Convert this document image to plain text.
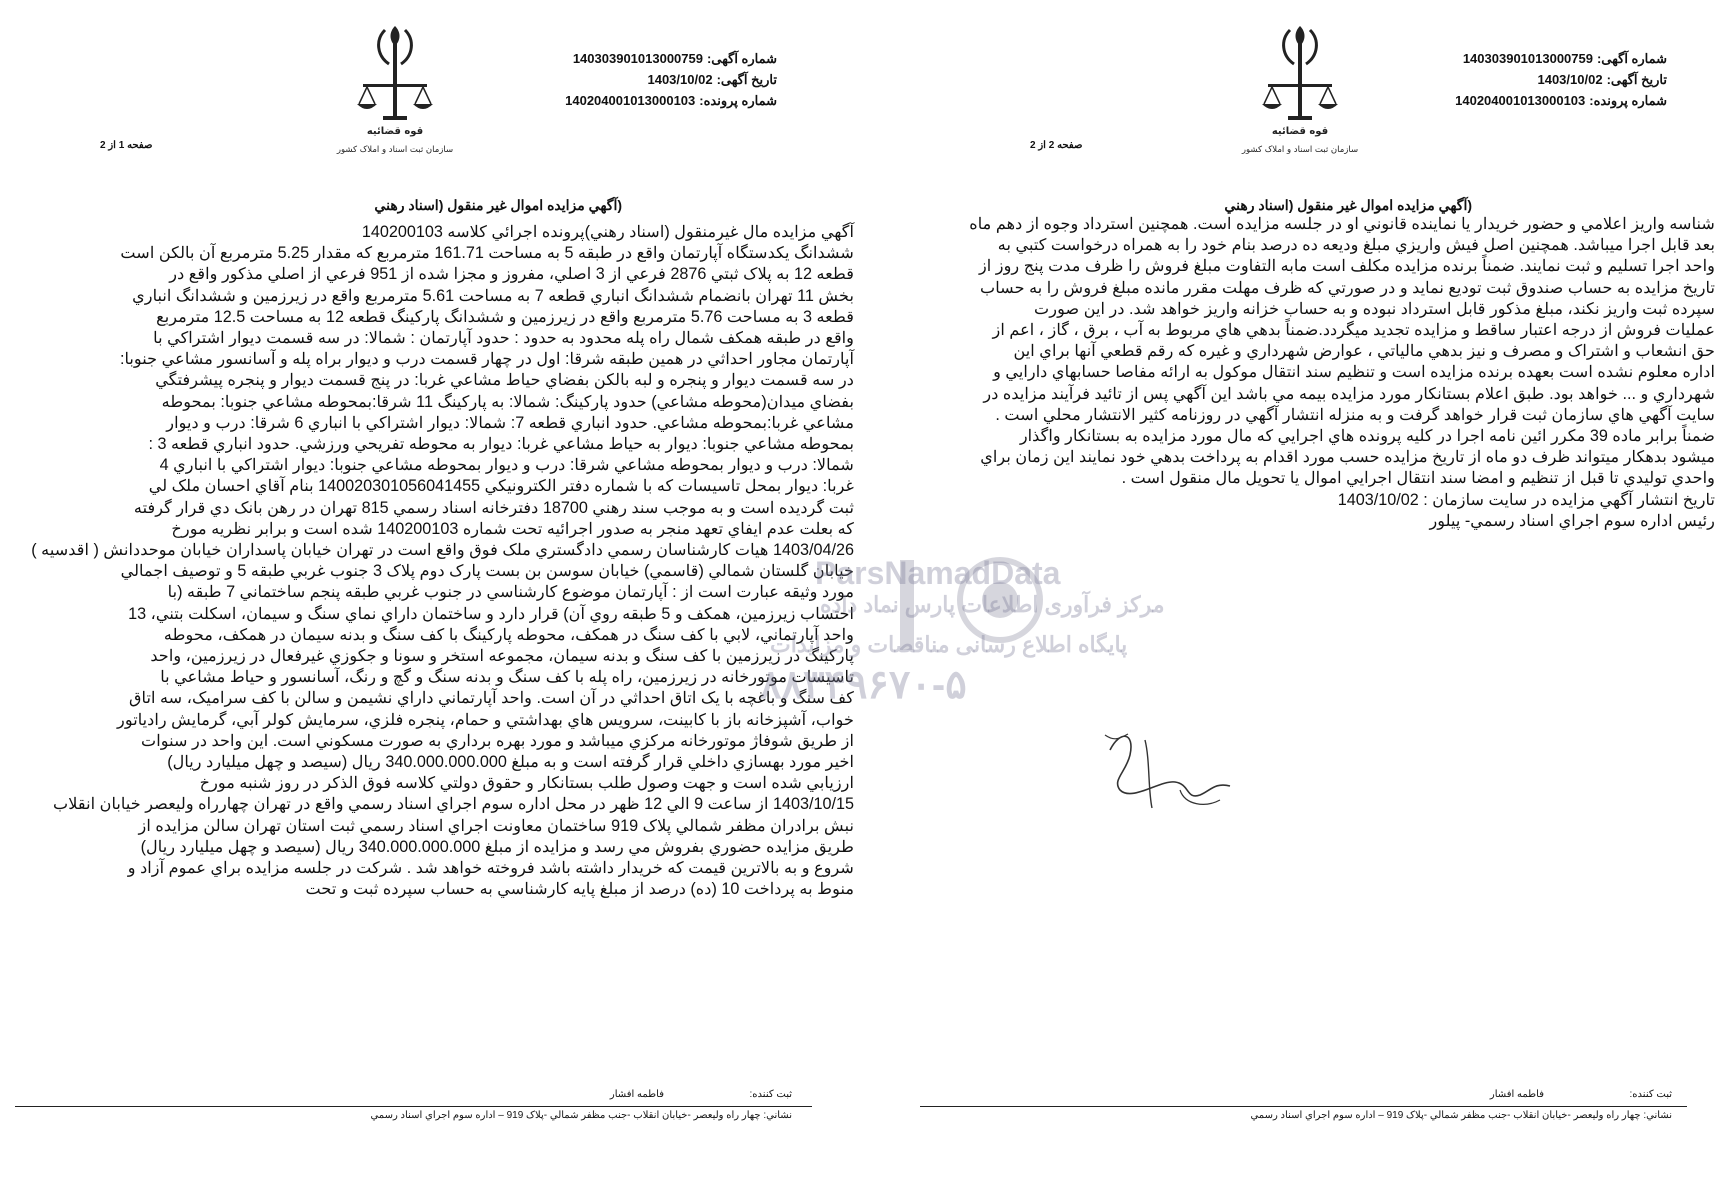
شماره آگهی:140303901013000759
تاریخ آگهی:1403/10/02
شماره پرونده:140204001013000103
قوه قضائیه
سازمان ثبت اسناد و املاک کشور
صفحه 1 از 2
(آگهي مزايده اموال غير منقول (اسناد رهني
آگهي مزايده مال غيرمنقول (اسناد رهني)پرونده اجرائي کلاسه 140200103
ششدانگ يکدستگاه آپارتمان واقع در طبقه 5 به مساحت 161.71 مترمربع که مقدار 5.25 مترمربع آن بالکن است
قطعه 12 به پلاک ثبتي 2876 فرعي از 3 اصلي، مفروز و مجزا شده از 951 فرعي از اصلي مذکور واقع در
بخش 11 تهران بانضمام ششدانگ انباري قطعه 7 به مساحت 5.61 مترمربع واقع در زيرزمين و ششدانگ انباري
قطعه 3 به مساحت 5.76 مترمربع واقع در زيرزمين و ششدانگ پارکينگ قطعه 12 به مساحت 12.5 مترمربع
واقع در طبقه همکف شمال راه پله محدود به حدود : حدود آپارتمان : شمالا: در سه قسمت ديوار اشتراکي با
آپارتمان مجاور احداثي در همين طبقه شرقا: اول در چهار قسمت درب و ديوار براه پله و آسانسور مشاعي جنوبا:
در سه قسمت ديوار و پنجره و لبه بالکن بفضاي حياط مشاعي غربا: در پنج قسمت ديوار و پنجره پيشرفتگي
بفضاي ميدان(محوطه مشاعي) حدود پارکينگ: شمالا: به پارکينگ 11 شرقا:بمحوطه مشاعي جنوبا: بمحوطه
مشاعي غربا:بمحوطه مشاعي. حدود انباري قطعه 7: شمالا: ديوار اشتراکي با انباري 6 شرقا: درب و ديوار
بمحوطه مشاعي جنوبا: ديوار به حياط مشاعي غربا: ديوار به محوطه تفريحي ورزشي. حدود انباري قطعه 3 :
شمالا: درب و ديوار بمحوطه مشاعي شرقا: درب و ديوار بمحوطه مشاعي جنوبا: ديوار اشتراکي با انباري 4
غربا: ديوار بمحل تاسيسات که با شماره دفتر الکترونيکي 140020301056041455 بنام آقاي احسان ملک لي
ثبت گرديده است و به موجب سند رهني 18700 دفترخانه اسناد رسمي 815 تهران در رهن بانک دي قرار گرفته
که بعلت عدم ايفاي تعهد منجر به صدور اجرائيه تحت شماره 140200103 شده است و برابر نظريه مورخ
1403/04/26 هيات کارشناسان رسمي دادگستري ملک فوق واقع است در تهران خيابان پاسداران خيابان موحددانش ( اقدسيه )
خيابان گلستان شمالي (قاسمي) خيابان سوسن بن بست پارک دوم پلاک 3 جنوب غربي طبقه 5 و توصيف اجمالي
مورد وثيقه عبارت است از : آپارتمان موضوع کارشناسي در جنوب غربي طبقه پنجم ساختماني 7 طبقه (با
احتساب زيرزمين، همکف و 5 طبقه روي آن) قرار دارد و ساختمان داراي نماي سنگ و سيمان، اسکلت بتني، 13
واحد آپارتماني، لابي با کف سنگ در همکف، محوطه پارکينگ با کف سنگ و بدنه سيمان در همکف، محوطه
پارکينگ در زيرزمين با کف سنگ و بدنه سيمان، مجموعه استخر و سونا و جکوزي غيرفعال در زيرزمين، واحد
تاسيسات موتورخانه در زيرزمين، راه پله با کف سنگ و بدنه سنگ و گچ و رنگ، آسانسور و حياط مشاعي با
کف سنگ و باغچه با يک اتاق احداثي در آن است. واحد آپارتماني داراي نشيمن و سالن با کف سراميک، سه اتاق
خواب، آشپزخانه باز با کابينت، سرويس هاي بهداشتي و حمام، پنجره فلزي، سرمايش کولر آبي، گرمايش رادياتور
از طريق شوفاژ موتورخانه مرکزي ميباشد و مورد بهره برداري به صورت مسکوني است. اين واحد در سنوات
اخير مورد بهسازي داخلي قرار گرفته است و به مبلغ 340.000.000.000 ريال (سيصد و چهل ميليارد ريال)
ارزيابي شده است و جهت وصول طلب بستانکار و حقوق دولتي کلاسه فوق الذکر در روز شنبه مورخ
1403/10/15 از ساعت 9 الي 12 ظهر در محل اداره سوم اجراي اسناد رسمي واقع در تهران چهارراه وليعصر خيابان انقلاب
نبش برادران مظفر شمالي پلاک 919 ساختمان معاونت اجراي اسناد رسمي ثبت استان تهران سالن مزايده از
طريق مزايده حضوري بفروش مي رسد و مزايده از مبلغ 340.000.000.000 ريال (سيصد و چهل ميليارد ريال)
شروع و به بالاترين قيمت که خريدار داشته باشد فروخته خواهد شد . شرکت در جلسه مزايده براي عموم آزاد و
منوط به پرداخت 10 (ده) درصد از مبلغ پايه کارشناسي به حساب سپرده ثبت و تحت
ثبت کننده:  فاطمه افشار
نشاني: چهار راه وليعصر -خيابان انقلاب -جنب مظفر شمالي -پلاک 919 – اداره سوم اجراي اسناد رسمي
شماره آگهی:140303901013000759
تاریخ آگهی:1403/10/02
شماره پرونده:140204001013000103
قوه قضائیه
سازمان ثبت اسناد و املاک کشور
صفحه 2 از 2
(آگهي مزايده اموال غير منقول (اسناد رهني
شناسه واريز اعلامي و حضور خريدار يا نماينده قانوني او در جلسه مزايده است. همچنين استرداد وجوه از دهم ماه
بعد قابل اجرا ميباشد. همچنين اصل فيش واريزي مبلغ وديعه ده درصد بنام خود را به همراه درخواست کتبي به
واحد اجرا تسليم و ثبت نمايند. ضمناً برنده مزايده مکلف است مابه التفاوت مبلغ فروش را ظرف مدت پنج روز از
تاريخ مزايده به حساب صندوق ثبت توديع نمايد و در صورتي که ظرف مهلت مقرر مانده مبلغ فروش را به حساب
سپرده ثبت واريز نکند، مبلغ مذکور قابل استرداد نبوده و به حساب خزانه واريز خواهد شد. در اين صورت
عمليات فروش از درجه اعتبار ساقط و مزايده تجديد ميگردد.ضمناً بدهي هاي مربوط به آب ، برق ، گاز ، اعم از
حق انشعاب و اشتراک و مصرف و نيز بدهي مالياتي ، عوارض شهرداري و غيره که رقم قطعي آنها براي اين
اداره معلوم نشده است بعهده برنده مزايده است و تنظيم سند انتقال موکول به ارائه مفاصا حسابهاي دارايي و
شهرداري و ... خواهد بود. طبق اعلام بستانکار مورد مزايده بيمه مي باشد اين آگهي پس از تائيد فرآيند مزايده در
سايت آگهي هاي سازمان ثبت قرار خواهد گرفت و به منزله انتشار آگهي در روزنامه کثير الانتشار محلي است .
ضمناً برابر ماده 39 مکرر ائين نامه اجرا در کليه پرونده هاي اجرايي که مال مورد مزايده به بستانکار واگذار
ميشود بدهکار ميتواند ظرف دو ماه از تاريخ مزايده حسب مورد اقدام به پرداخت بدهي خود نمايند اين زمان براي
واحدي توليدي تا قبل از تنظيم و امضا سند انتقال اجرايي اموال يا تحويل مال منقول است .
تاريخ انتشار آگهي مزايده در سايت سازمان : 1403/10/02
رئيس اداره سوم اجراي اسناد رسمي- پيلور
ثبت کننده:  فاطمه افشار
نشاني: چهار راه وليعصر -خيابان انقلاب -جنب مظفر شمالي -پلاک 919 – اداره سوم اجراي اسناد رسمي
ParsNamadData
مرکز فرآوری اطلاعات پارس نماد داده
پایگاه اطلاع رسانی مناقصات و مزایدات
۸۸۳۴۹۶۷۰-۵
